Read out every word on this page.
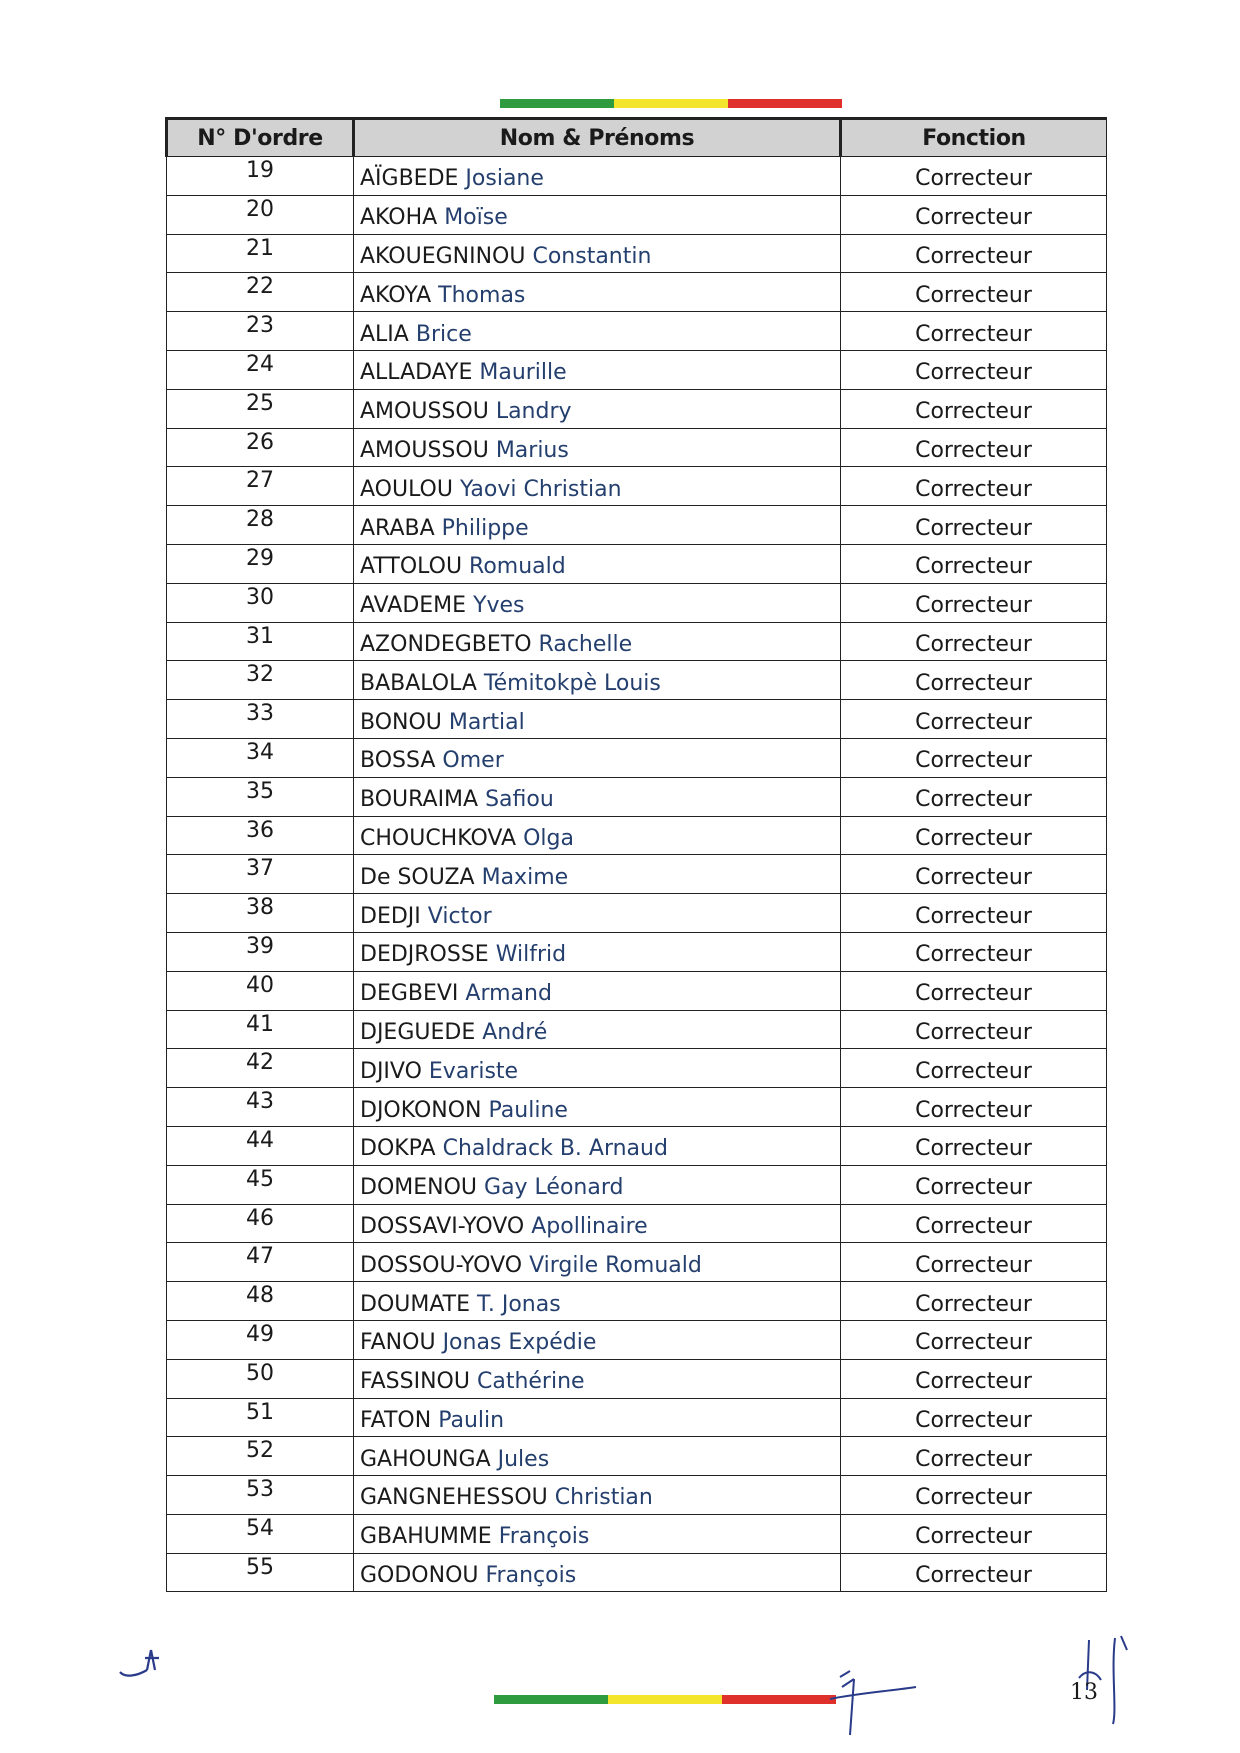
N° D'ordre	Nom & Prénoms	Fonction
19	AÏGBEDE Josiane	Correcteur
20	AKOHA Moïse	Correcteur
21	AKOUEGNINOU Constantin	Correcteur
22	AKOYA Thomas	Correcteur
23	ALIA Brice	Correcteur
24	ALLADAYE Maurille	Correcteur
25	AMOUSSOU Landry	Correcteur
26	AMOUSSOU Marius	Correcteur
27	AOULOU Yaovi Christian	Correcteur
28	ARABA Philippe	Correcteur
29	ATTOLOU Romuald	Correcteur
30	AVADEME Yves	Correcteur
31	AZONDEGBETO Rachelle	Correcteur
32	BABALOLA Témitokpè Louis	Correcteur
33	BONOU Martial	Correcteur
34	BOSSA Omer	Correcteur
35	BOURAIMA Safiou	Correcteur
36	CHOUCHKOVA Olga	Correcteur
37	De SOUZA Maxime	Correcteur
38	DEDJI Victor	Correcteur
39	DEDJROSSE Wilfrid	Correcteur
40	DEGBEVI Armand	Correcteur
41	DJEGUEDE André	Correcteur
42	DJIVO Evariste	Correcteur
43	DJOKONON Pauline	Correcteur
44	DOKPA Chaldrack B. Arnaud	Correcteur
45	DOMENOU Gay Léonard	Correcteur
46	DOSSAVI-YOVO Apollinaire	Correcteur
47	DOSSOU-YOVO Virgile Romuald	Correcteur
48	DOUMATE T. Jonas	Correcteur
49	FANOU Jonas Expédie	Correcteur
50	FASSINOU Cathérine	Correcteur
51	FATON Paulin	Correcteur
52	GAHOUNGA Jules	Correcteur
53	GANGNEHESSOU Christian	Correcteur
54	GBAHUMME François	Correcteur
55	GODONOU François	Correcteur
13
